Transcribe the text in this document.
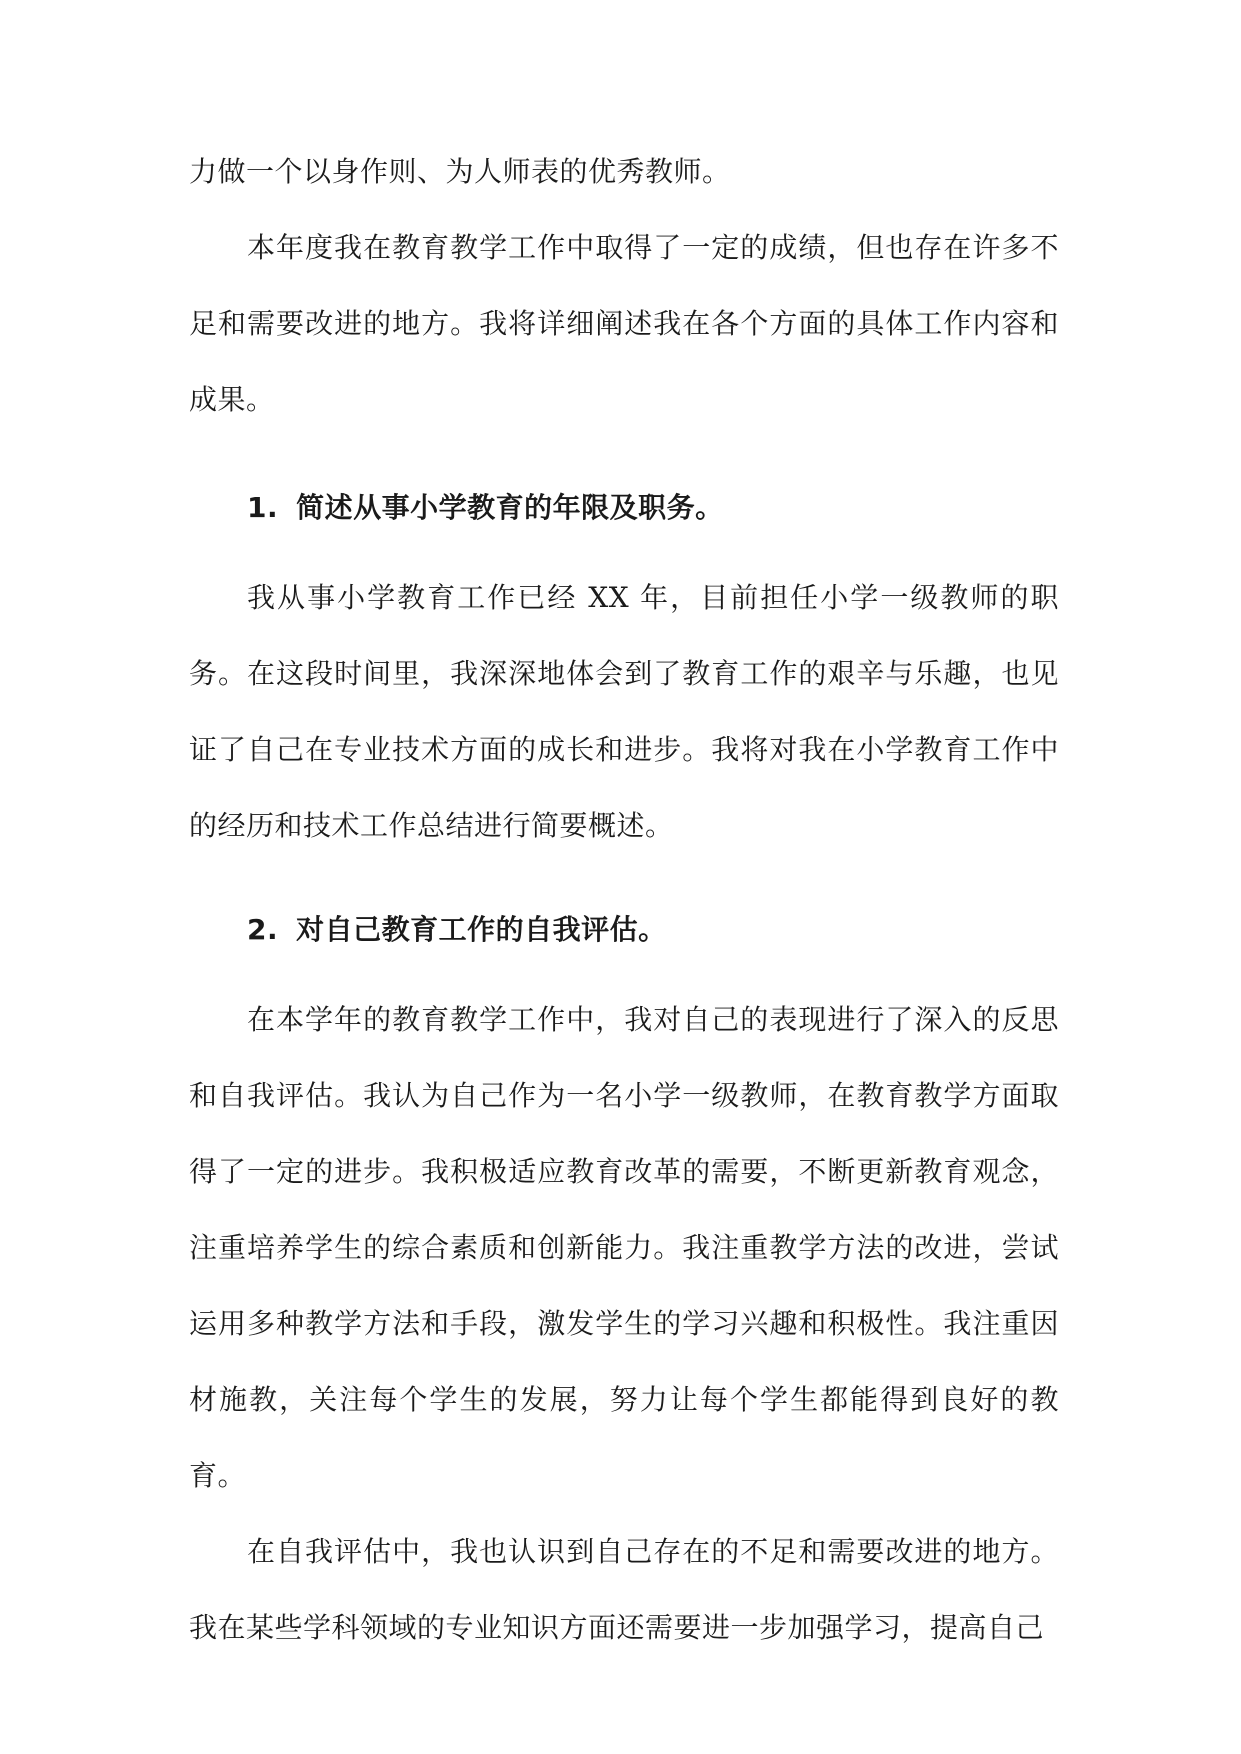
力做一个以身作则、为人师表的优秀教师。
本年度我在教育教学工作中取得了一定的成绩，但也存在许多不足和需要改进的地方。我将详细阐述我在各个方面的具体工作内容和成果。
1. 简述从事小学教育的年限及职务。
我从事小学教育工作已经 XX 年，目前担任小学一级教师的职务。在这段时间里，我深深地体会到了教育工作的艰辛与乐趣，也见证了自己在专业技术方面的成长和进步。我将对我在小学教育工作中的经历和技术工作总结进行简要概述。
2. 对自己教育工作的自我评估。
在本学年的教育教学工作中，我对自己的表现进行了深入的反思和自我评估。我认为自己作为一名小学一级教师，在教育教学方面取得了一定的进步。我积极适应教育改革的需要，不断更新教育观念，注重培养学生的综合素质和创新能力。我注重教学方法的改进，尝试运用多种教学方法和手段，激发学生的学习兴趣和积极性。我注重因材施教，关注每个学生的发展，努力让每个学生都能得到良好的教育。
在自我评估中，我也认识到自己存在的不足和需要改进的地方。我在某些学科领域的专业知识方面还需要进一步加强学习，提高自己
